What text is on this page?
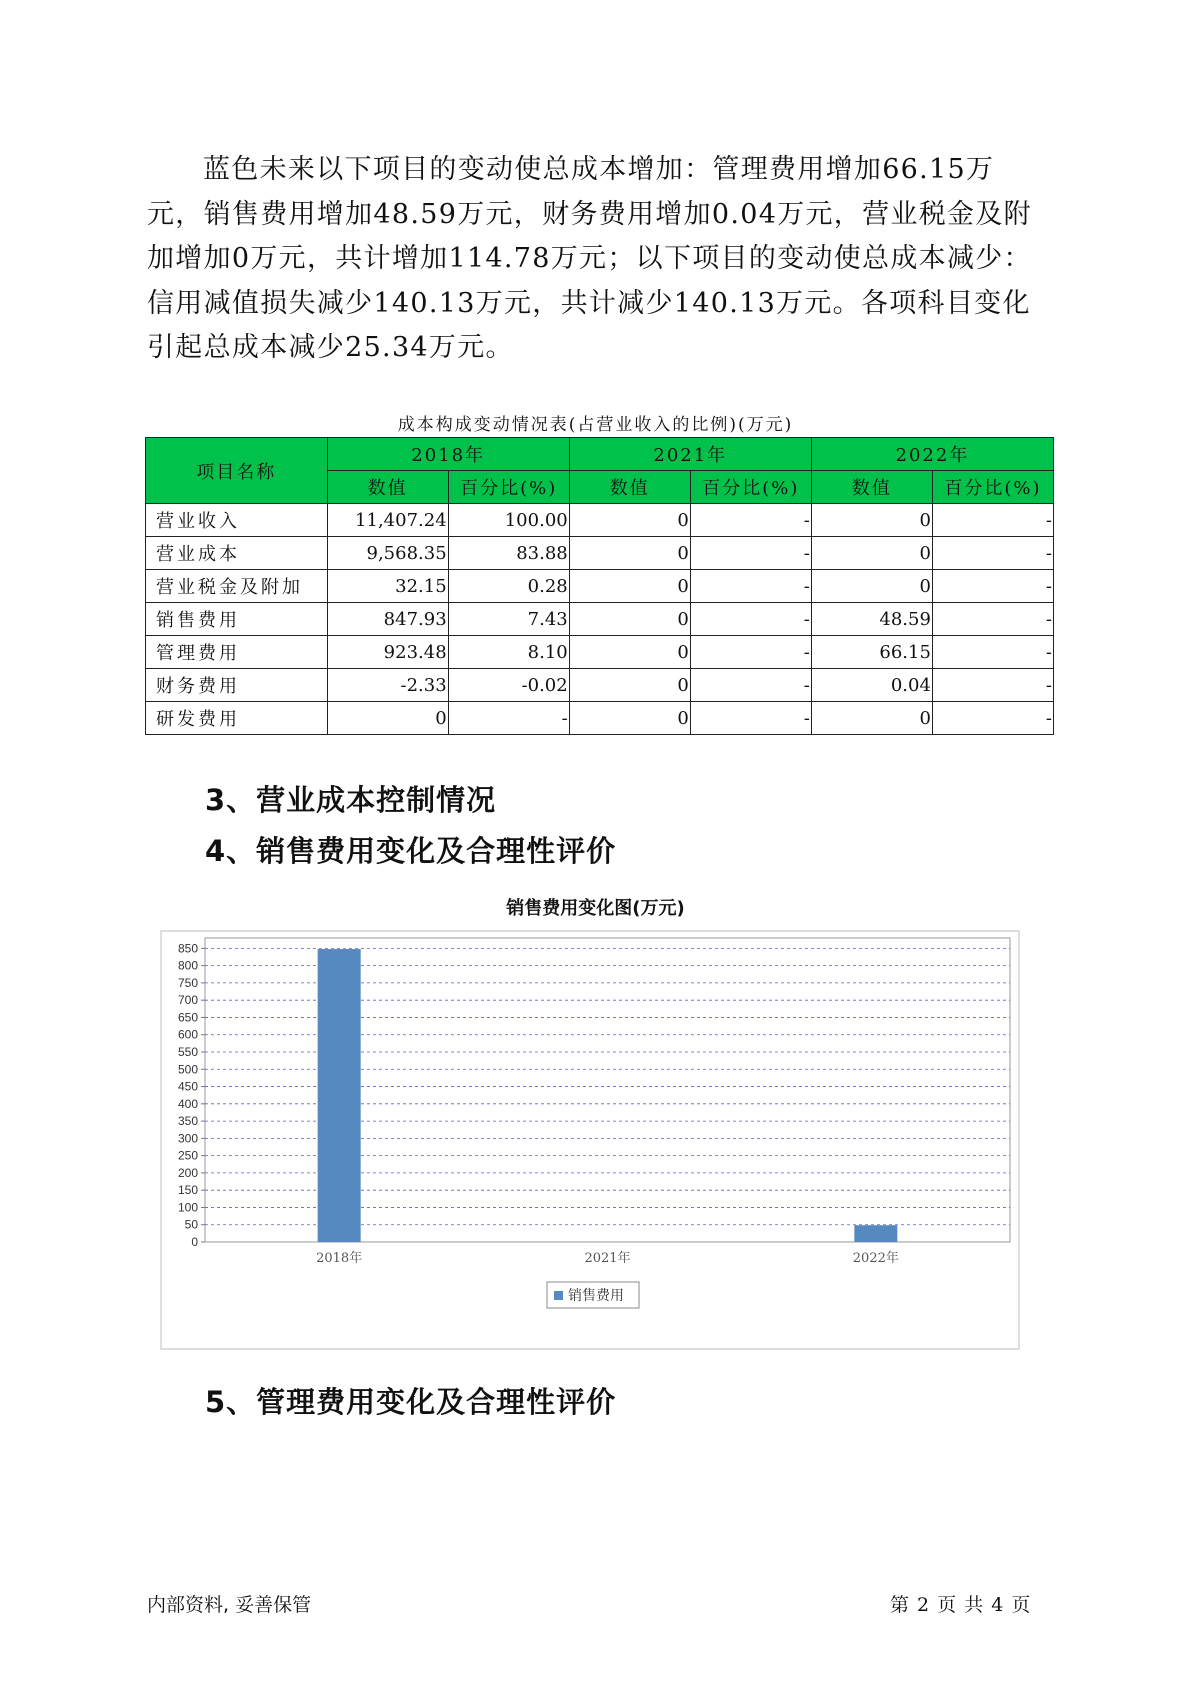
蓝色未来以下项目的变动使总成本增加：管理费用增加66.15万元，销售费用增加48.59万元，财务费用增加0.04万元，营业税金及附加增加0万元，共计增加114.78万元；以下项目的变动使总成本减少：信用减值损失减少140.13万元，共计减少140.13万元。各项科目变化引起总成本减少25.34万元。

成本构成变动情况表(占营业收入的比例)(万元)
项目名称	2018年		2021年		2022年	
	数值	百分比(%)	数值	百分比(%)	数值	百分比(%)
营业收入	11,407.24	100.00	0	-	0	-
营业成本	9,568.35	83.88	0	-	0	-
营业税金及附加	32.15	0.28	0	-	0	-
销售费用	847.93	7.43	0	-	48.59	-
管理费用	923.48	8.10	0	-	66.15	-
财务费用	-2.33	-0.02	0	-	0.04	-
研发费用	0	-	0	-	0	-
3、营业成本控制情况
4、销售费用变化及合理性评价
销售费用变化图(万元)
0
50
100
150
200
250
300
350
400
450
500
550
600
650
700
750
800
850
2018年	2021年	2022年
销售费用
5、管理费用变化及合理性评价
内部资料, 妥善保管	第 2 页 共 4 页
